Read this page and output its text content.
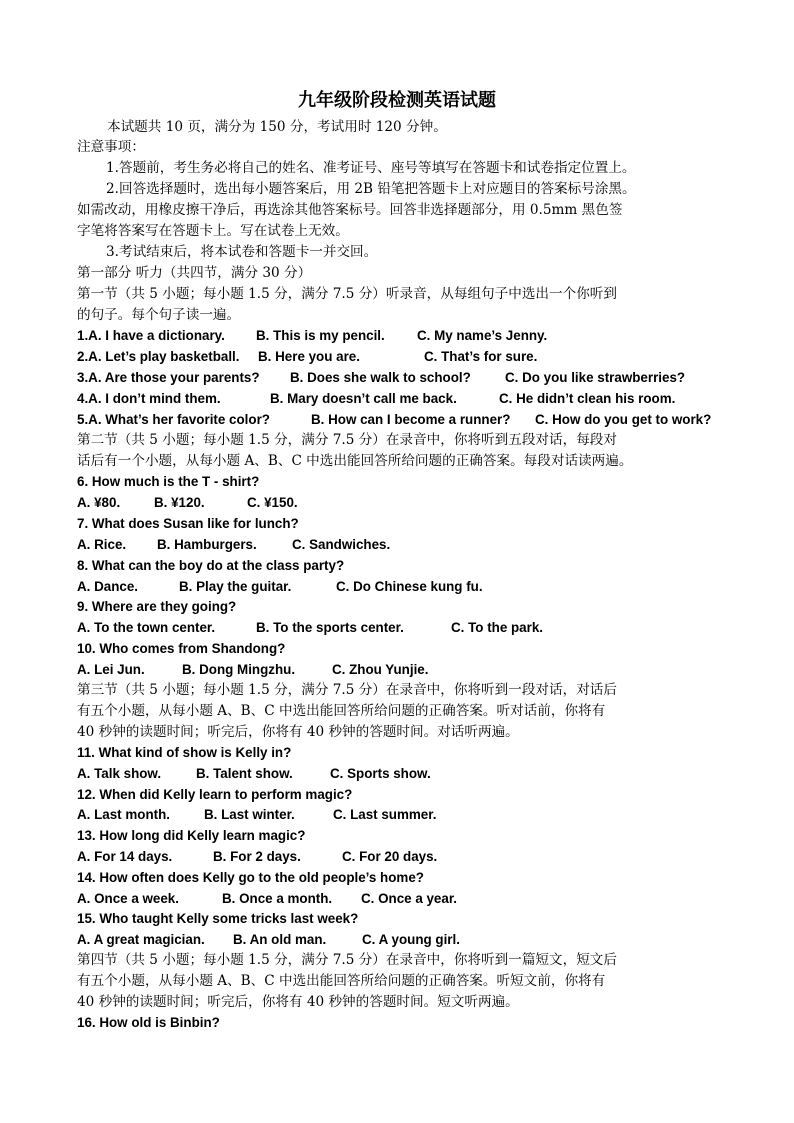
九年级阶段检测英语试题
本试题共 10 页，满分为 150 分，考试用时 120 分钟。
注意事项：
1.答题前，考生务必将自己的姓名、准考证号、座号等填写在答题卡和试卷指定位置上。
2.回答选择题时，选出每小题答案后，用 2B 铅笔把答题卡上对应题目的答案标号涂黑。
如需改动，用橡皮擦干净后，再选涂其他答案标号。回答非选择题部分，用 0.5mm 黑色签
字笔将答案写在答题卡上。写在试卷上无效。
3.考试结束后，将本试卷和答题卡一并交回。
第一部分 听力（共四节，满分 30 分）
第一节（共 5 小题；每小题 1.5 分，满分 7.5 分）听录音，从每组句子中选出一个你听到
的句子。每个句子读一遍。
1.A. I have a dictionary. B. This is my pencil. C. My name’s Jenny.
2.A. Let’s play basketball. B. Here you are.	C. That’s for sure.
3.A. Are those your parents? B. Does she walk to school?	C. Do you like strawberries?
4.A. I don’t mind them.	B. Mary doesn’t call me back.	C. He didn’t clean his room.
5.A. What’s her favorite color?	B. How can I become a runner? C. How do you get to work?
第二节（共 5 小题；每小题 1.5 分，满分 7.5 分）在录音中，你将听到五段对话，每段对
话后有一个小题，从每小题 A、B、C 中选出能回答所给问题的正确答案。每段对话读两遍。
6. How much is the T - shirt?
A. ¥80.	B. ¥120.	C. ¥150.
7. What does Susan like for lunch?
A. Rice. B. Hamburgers.	C. Sandwiches.
8. What can the boy do at the class party?
A. Dance.	B. Play the guitar.	C. Do Chinese kung fu.
9. Where are they going?
A. To the town center.	B. To the sports center.	C. To the park.
10. Who comes from Shandong?
A. Lei Jun.	B. Dong Mingzhu.	C. Zhou Yunjie.
第三节（共 5 小题；每小题 1.5 分，满分 7.5 分）在录音中，你将听到一段对话，对话后
有五个小题，从每小题 A、B、C 中选出能回答所给问题的正确答案。听对话前，你将有
40 秒钟的读题时间；听完后，你将有 40 秒钟的答题时间。对话听两遍。
11. What kind of show is Kelly in?
A. Talk show.	B. Talent show.	C. Sports show.
12. When did Kelly learn to perform magic?
A. Last month.	B. Last winter.	C. Last summer.
13. How long did Kelly learn magic?
A. For 14 days.	B. For 2 days.	C. For 20 days.
14. How often does Kelly go to the old people’s home?
A. Once a week.	B. Once a month. C. Once a year.
15. Who taught Kelly some tricks last week?
A. A great magician. B. An old man.	C. A young girl.
第四节（共 5 小题；每小题 1.5 分，满分 7.5 分）在录音中，你将听到一篇短文，短文后
有五个小题，从每小题 A、B、C 中选出能回答所给问题的正确答案。听短文前，你将有
40 秒钟的读题时间；听完后，你将有 40 秒钟的答题时间。短文听两遍。
16. How old is Binbin?
